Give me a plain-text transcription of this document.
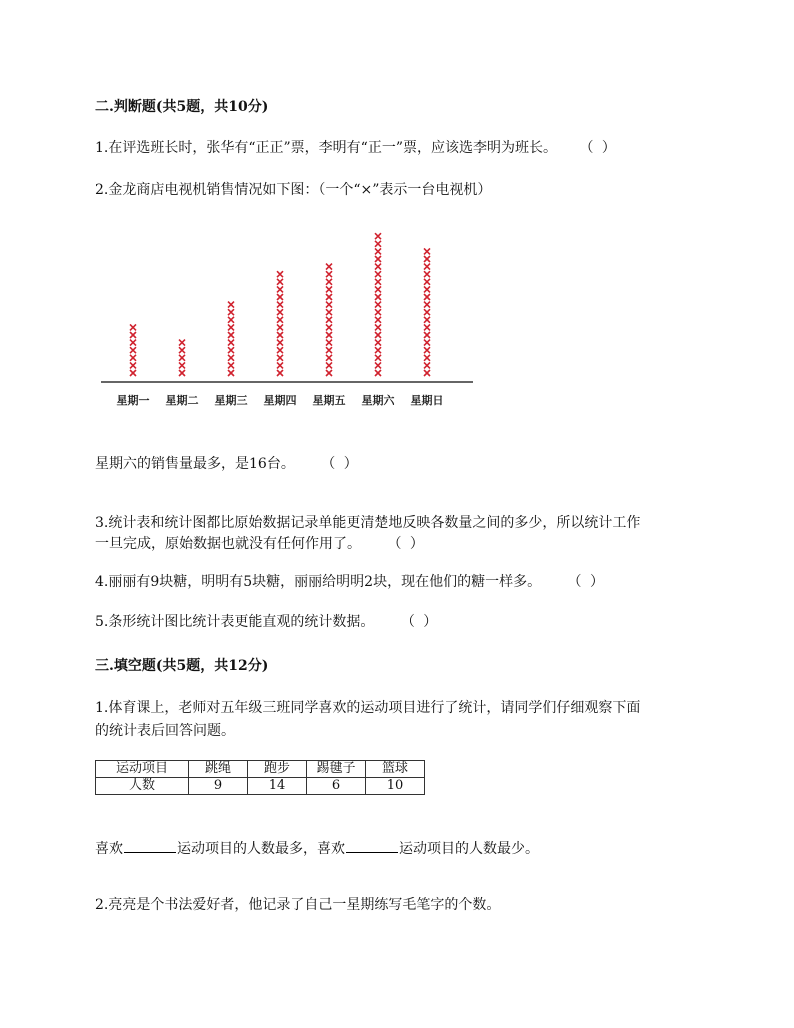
二.判断题(共5题，共10分)
1.在评选班长时，张华有“正正”票，李明有“正一”票，应该选李明为班长。 （ ）
2.金龙商店电视机销售情况如下图：（一个“×”表示一台电视机）
星期一 星期二 星期三 星期四 星期五 星期六 星期日
星期六的销售量最多，是16台。 （ ）
3.统计表和统计图都比原始数据记录单能更清楚地反映各数量之间的多少，所以统计工作
一旦完成，原始数据也就没有任何作用了。 （ ）
4.丽丽有9块糖，明明有5块糖，丽丽给明明2块，现在他们的糖一样多。 （ ）
5.条形统计图比统计表更能直观的统计数据。 （ ）
三.填空题(共5题，共12分)
1.体育课上，老师对五年级三班同学喜欢的运动项目进行了统计，请同学们仔细观察下面
的统计表后回答问题。
运动项目	跳绳	跑步	踢毽子	篮球
人数	9	14	6	10
喜欢	运动项目的人数最多，喜欢	运动项目的人数最少。
2.亮亮是个书法爱好者，他记录了自己一星期练写毛笔字的个数。
